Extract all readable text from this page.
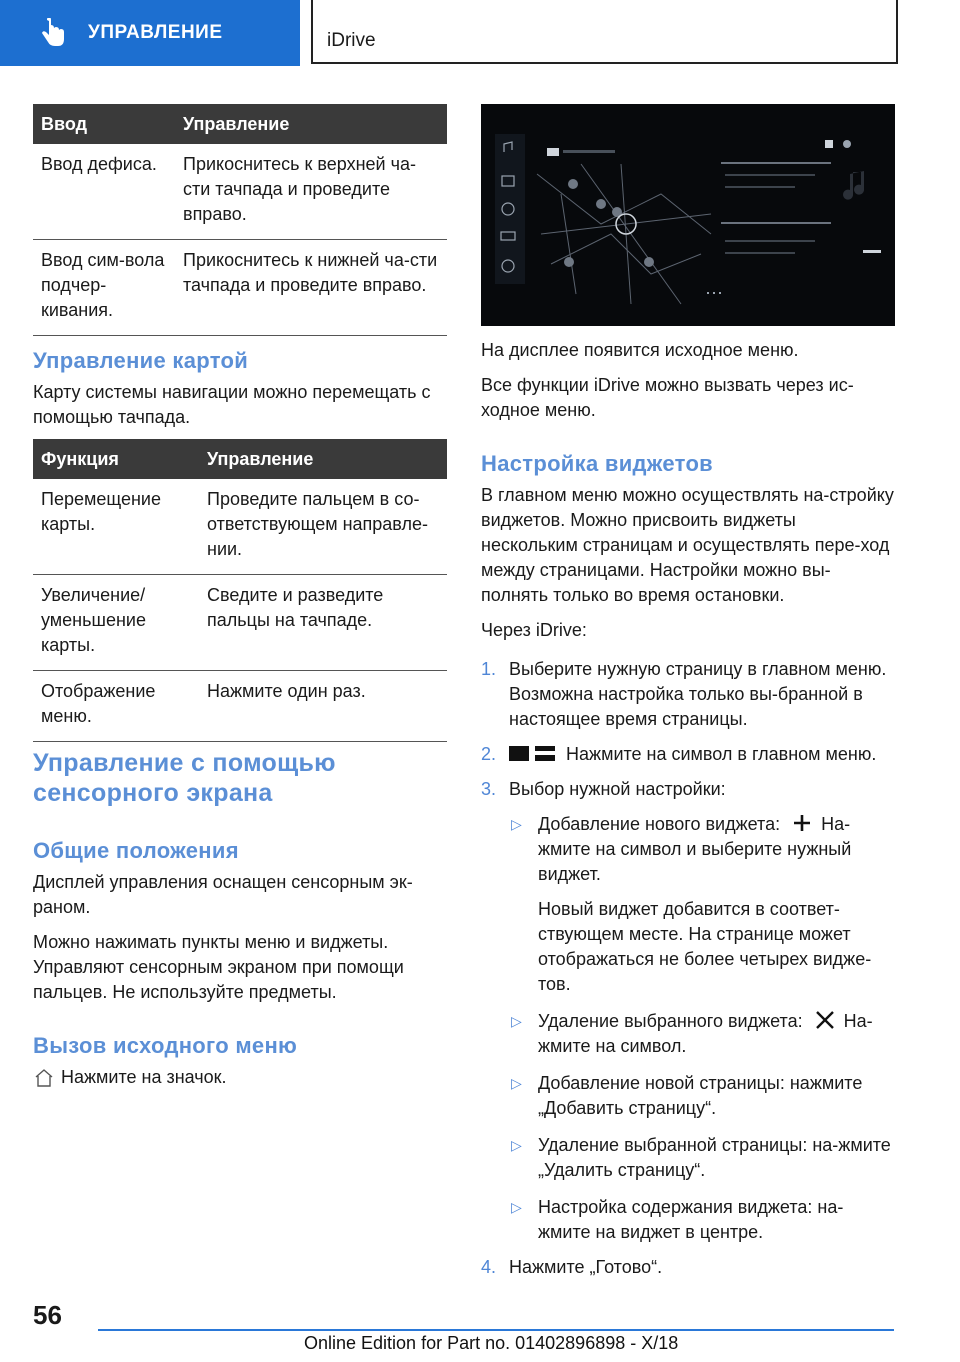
УПРАВЛЕНИЕ	iDrive
Ввод	Управление
Ввод дефиса.	Прикоснитесь к верхней ча-сти тачпада и проведите вправо.
Ввод сим-вола подчер-кивания.	Прикоснитесь к нижней ча-сти тачпада и проведите вправо.
Управление картой

Карту системы навигации можно перемещать с помощью тачпада.

Функция	Управление
Перемещение карты.	Проведите пальцем в со-ответствующем направле-нии.
Увеличение/ уменьшение карты.	Сведите и разведите пальцы на тачпаде.
Отображение меню.	Нажмите один раз.
Управление с помощью сенсорного экрана
Общие положения

Дисплей управления оснащен сенсорным эк-раном.

Можно нажимать пункты меню и виджеты. Управляют сенсорным экраном при помощи пальцев. Не используйте предметы.

Вызов исходного меню

Нажмите на значок.

На дисплее появится исходное меню.

Все функции iDrive можно вызвать через ис-ходное меню.

Настройка виджетов

В главном меню можно осуществлять на-стройку виджетов. Можно присвоить виджеты нескольким страницам и осуществлять пере-ход между страницами. Настройки можно вы-полнять только во время остановки.

Через iDrive:

1. Выберите нужную страницу в главном меню. Возможна настройка только вы-бранной в настоящее время страницы.
2.	Нажмите на символ в главном меню.
3. Выбор нужной настройки:
▷ Добавление нового виджета: На-жмите на символ и выберите нужный виджет.

Новый виджет добавится в соответ-ствующем месте. На странице может отображаться не более четырех видже-тов.

▷ Удаление выбранного виджета: На-жмите на символ.
▷ Добавление новой страницы: нажмите „Добавить страницу“.
▷ Удаление выбранной страницы: на-жмите „Удалить страницу“.
▷ Настройка содержания виджета: на-жмите на виджет в центре.
4. Нажмите „Готово“.
56
Online Edition for Part no. 01402896898 - X/18
